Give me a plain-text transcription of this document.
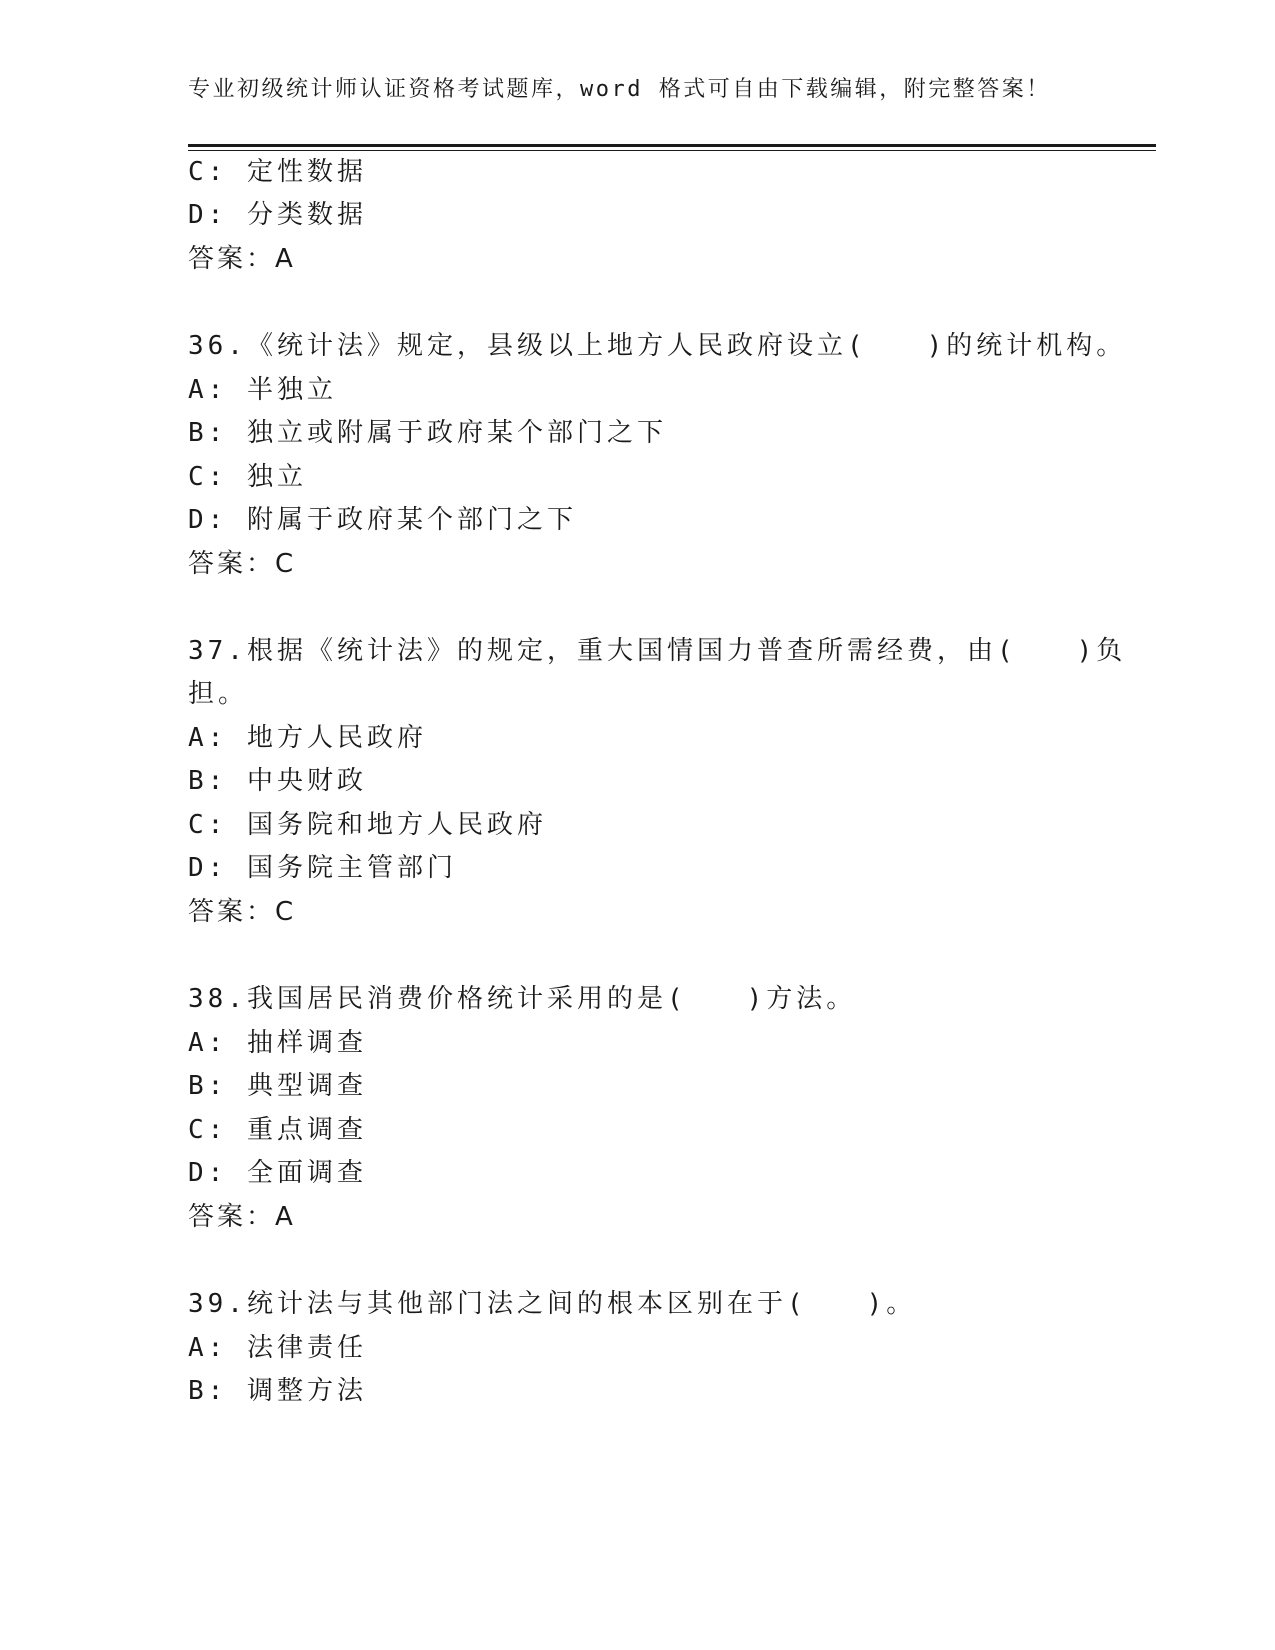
专业初级统计师认证资格考试题库，word 格式可自由下载编辑，附完整答案！
C: 定性数据
D: 分类数据
答案：A
36.《统计法》规定，县级以上地方人民政府设立(　　)的统计机构。
A: 半独立
B: 独立或附属于政府某个部门之下
C: 独立
D: 附属于政府某个部门之下
答案：C
37.根据《统计法》的规定，重大国情国力普查所需经费，由(　　)负
担。
A: 地方人民政府
B: 中央财政
C: 国务院和地方人民政府
D: 国务院主管部门
答案：C
38.我国居民消费价格统计采用的是(　　)方法。
A: 抽样调查
B: 典型调查
C: 重点调查
D: 全面调查
答案：A
39.统计法与其他部门法之间的根本区别在于(　　)。
A: 法律责任
B: 调整方法
